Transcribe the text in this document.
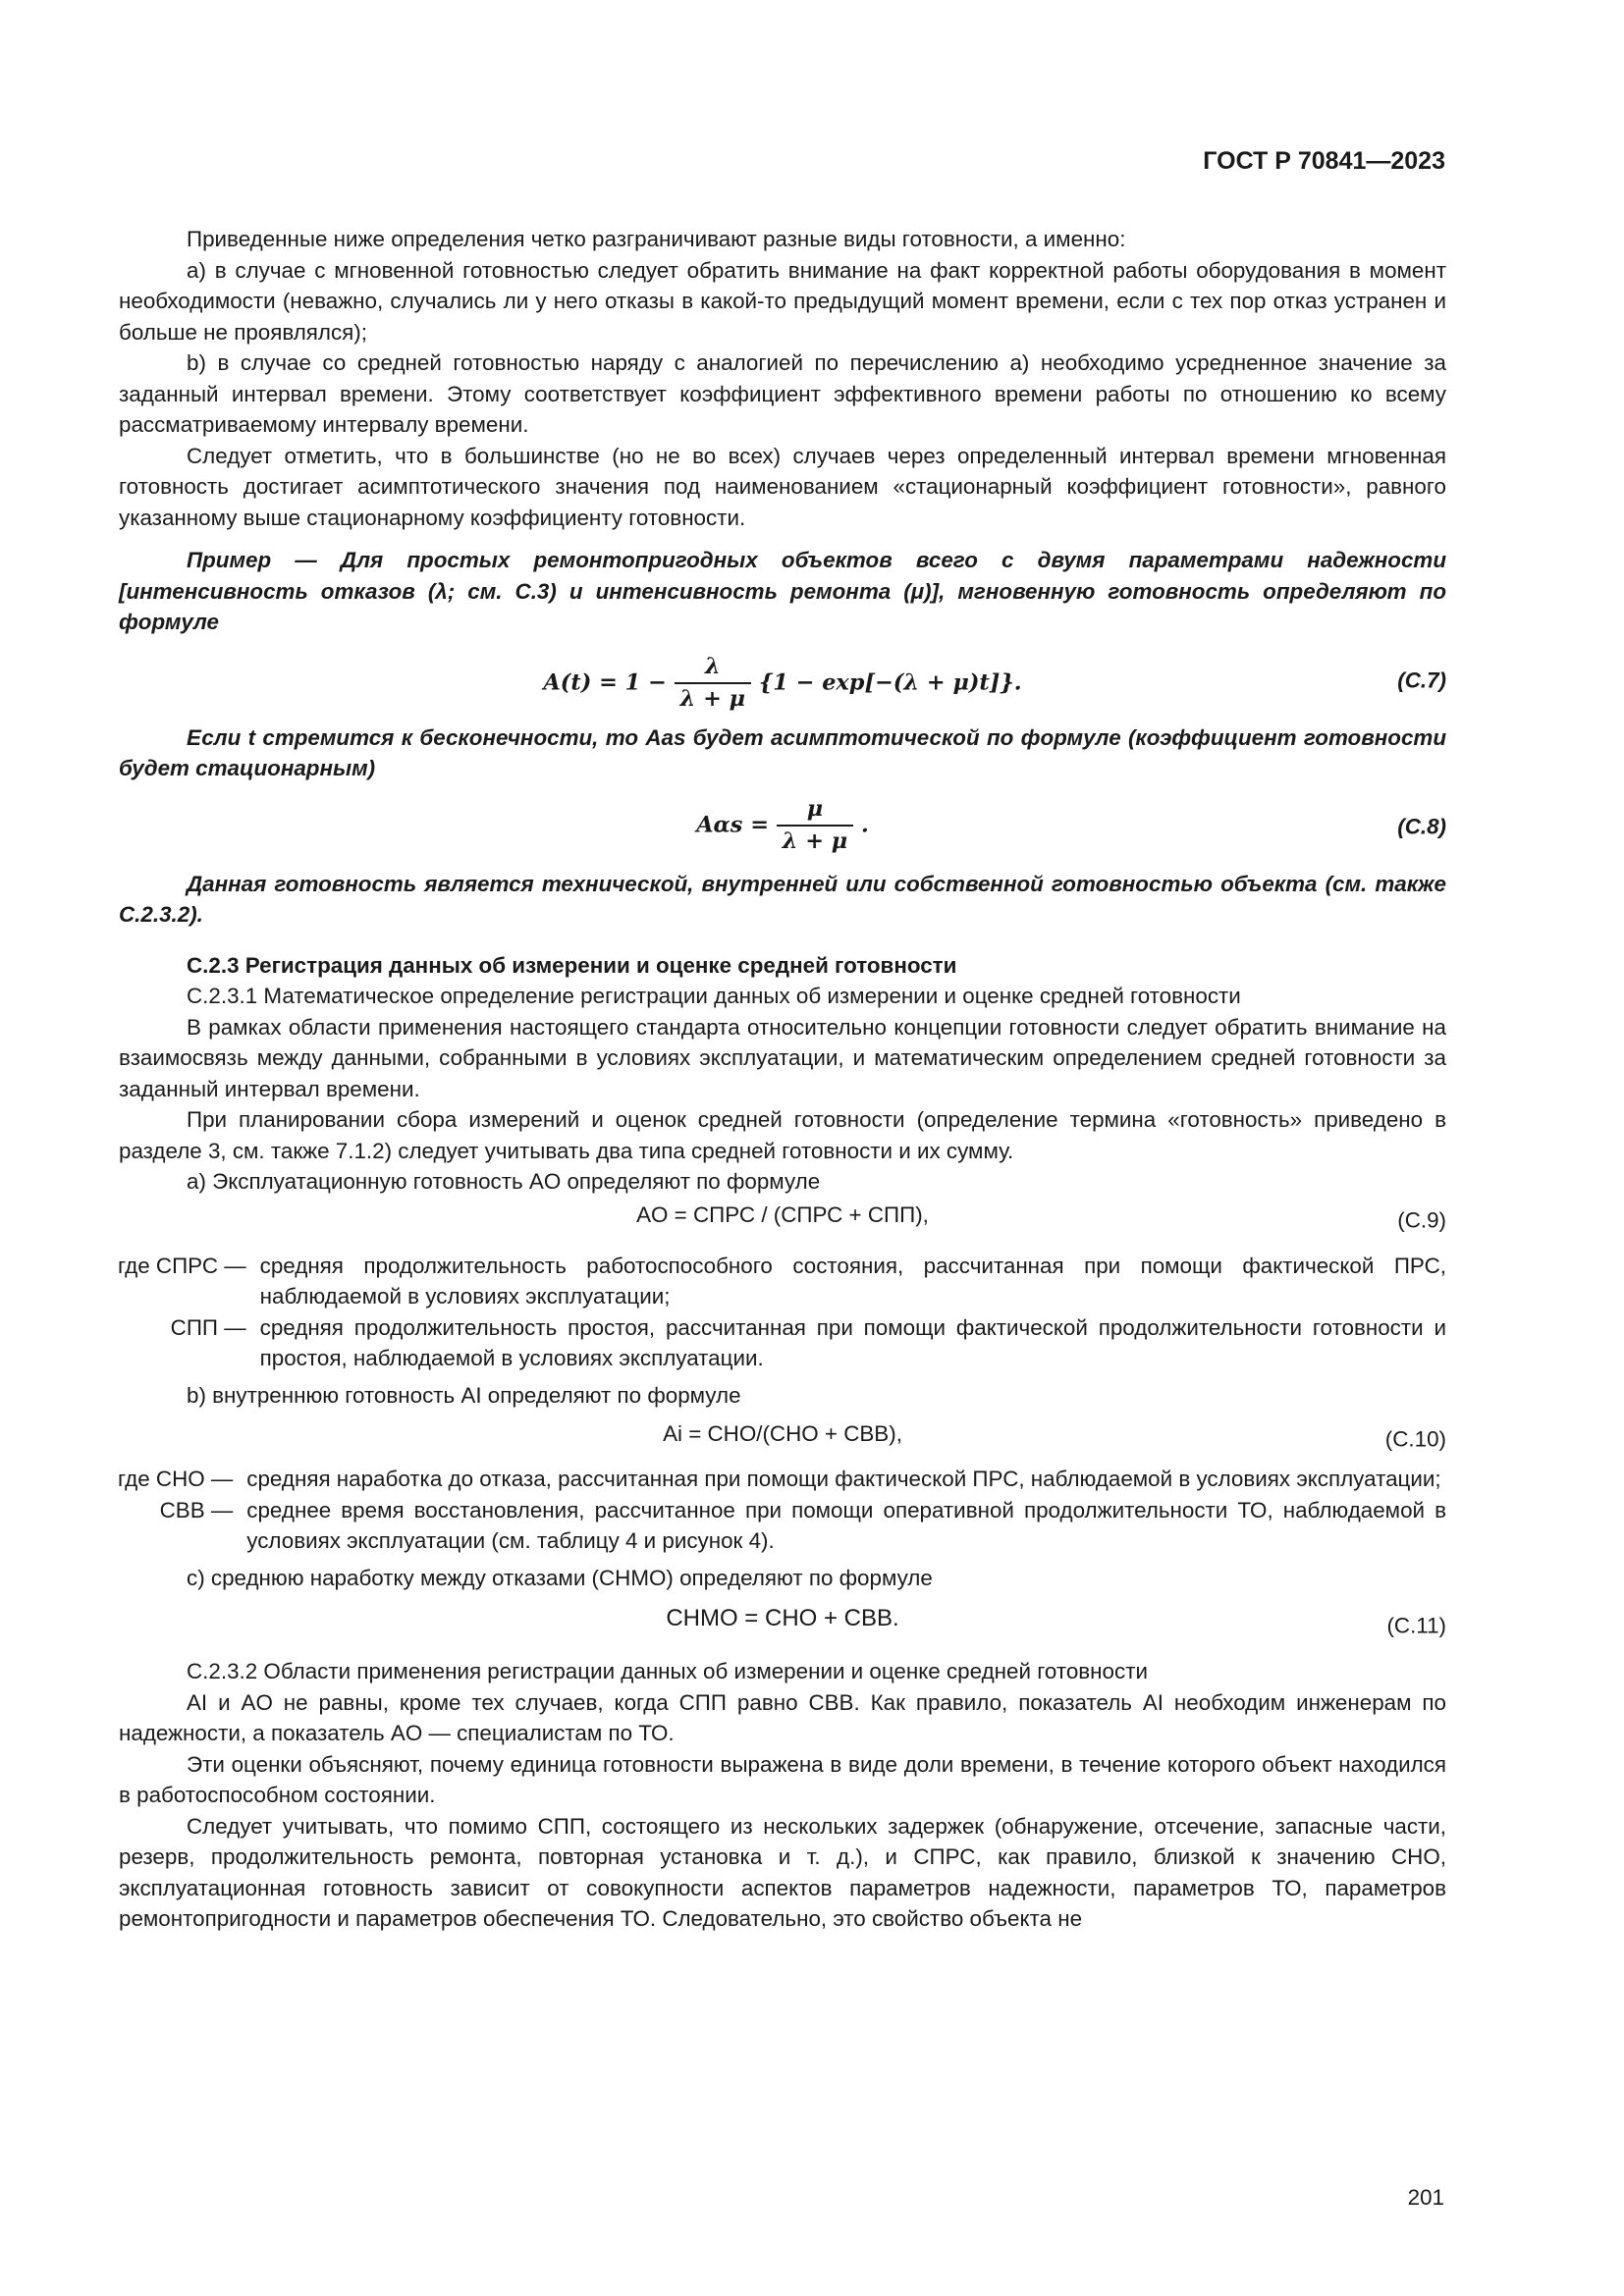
ГОСТ Р 70841—2023

Приведенные ниже определения четко разграничивают разные виды готовности, а именно:

a) в случае с мгновенной готовностью следует обратить внимание на факт корректной работы оборудования в момент необходимости (неважно, случались ли у него отказы в какой-то предыдущий момент времени, если с тех пор отказ устранен и больше не проявлялся);

b) в случае со средней готовностью наряду с аналогией по перечислению а) необходимо усредненное значение за заданный интервал времени. Этому соответствует коэффициент эффективного времени работы по отношению ко всему рассматриваемому интервалу времени.

Следует отметить, что в большинстве (но не во всех) случаев через определенный интервал времени мгновенная готовность достигает асимптотического значения под наименованием «стационарный коэффициент готовности», равного указанному выше стационарному коэффициенту готовности.

Пример — Для простых ремонтопригодных объектов всего с двумя параметрами надежности [интенсивность отказов (λ; см. С.3) и интенсивность ремонта (μ)], мгновенную готовность определяют по формуле

$A(t) = 1 - \frac{\lambda}{\lambda + \mu} \{1 - \exp[-(\lambda + \mu)t]\}$.	(C.7)

Если t стремится к бесконечности, то Aas будет асимптотической по формуле (коэффициент готовности будет стационарным)

$A\alpha s = \frac{\mu}{\lambda + \mu}$ .	(C.8)

Данная готовность является технической, внутренней или собственной готовностью объекта (см. также С.2.3.2).

С.2.3 Регистрация данных об измерении и оценке средней готовности

С.2.3.1 Математическое определение регистрации данных об измерении и оценке средней готовности

В рамках области применения настоящего стандарта относительно концепции готовности следует обратить внимание на взаимосвязь между данными, собранными в условиях эксплуатации, и математическим определением средней готовности за заданный интервал времени.

При планировании сбора измерений и оценок средней готовности (определение термина «готовность» приведено в разделе 3, см. также 7.1.2) следует учитывать два типа средней готовности и их сумму.

a) Эксплуатационную готовность AO определяют по формуле

AO = СПРС / (СПРС + СПП),	(С.9)
где СПРС — средняя продолжительность работоспособного состояния, рассчитанная при помощи фактической ПРС, наблюдаемой в условиях эксплуатации;
СПП — средняя продолжительность простоя, рассчитанная при помощи фактической продолжительности готовности и простоя, наблюдаемой в условиях эксплуатации.

b) внутреннюю готовность AI определяют по формуле

Ai = СНО/(СНО + СВВ),	(С.10)
где СНО — средняя наработка до отказа, рассчитанная при помощи фактической ПРС, наблюдаемой в условиях эксплуатации;
СВВ — среднее время восстановления, рассчитанное при помощи оперативной продолжительности ТО, наблюдаемой в условиях эксплуатации (см. таблицу 4 и рисунок 4).

c) среднюю наработку между отказами (СНМО) определяют по формуле

СНМО = СНО + СВВ.	(С.11)

С.2.3.2 Области применения регистрации данных об измерении и оценке средней готовности

AI и AO не равны, кроме тех случаев, когда СПП равно СВВ. Как правило, показатель AI необходим инженерам по надежности, а показатель AO — специалистам по ТО.

Эти оценки объясняют, почему единица готовности выражена в виде доли времени, в течение которого объект находился в работоспособном состоянии.

Следует учитывать, что помимо СПП, состоящего из нескольких задержек (обнаружение, отсечение, запасные части, резерв, продолжительность ремонта, повторная установка и т. д.), и СПРС, как правило, близкой к значению СНО, эксплуатационная готовность зависит от совокупности аспектов параметров надежности, параметров ТО, параметров ремонтопригодности и параметров обеспечения ТО. Следовательно, это свойство объекта не

201
